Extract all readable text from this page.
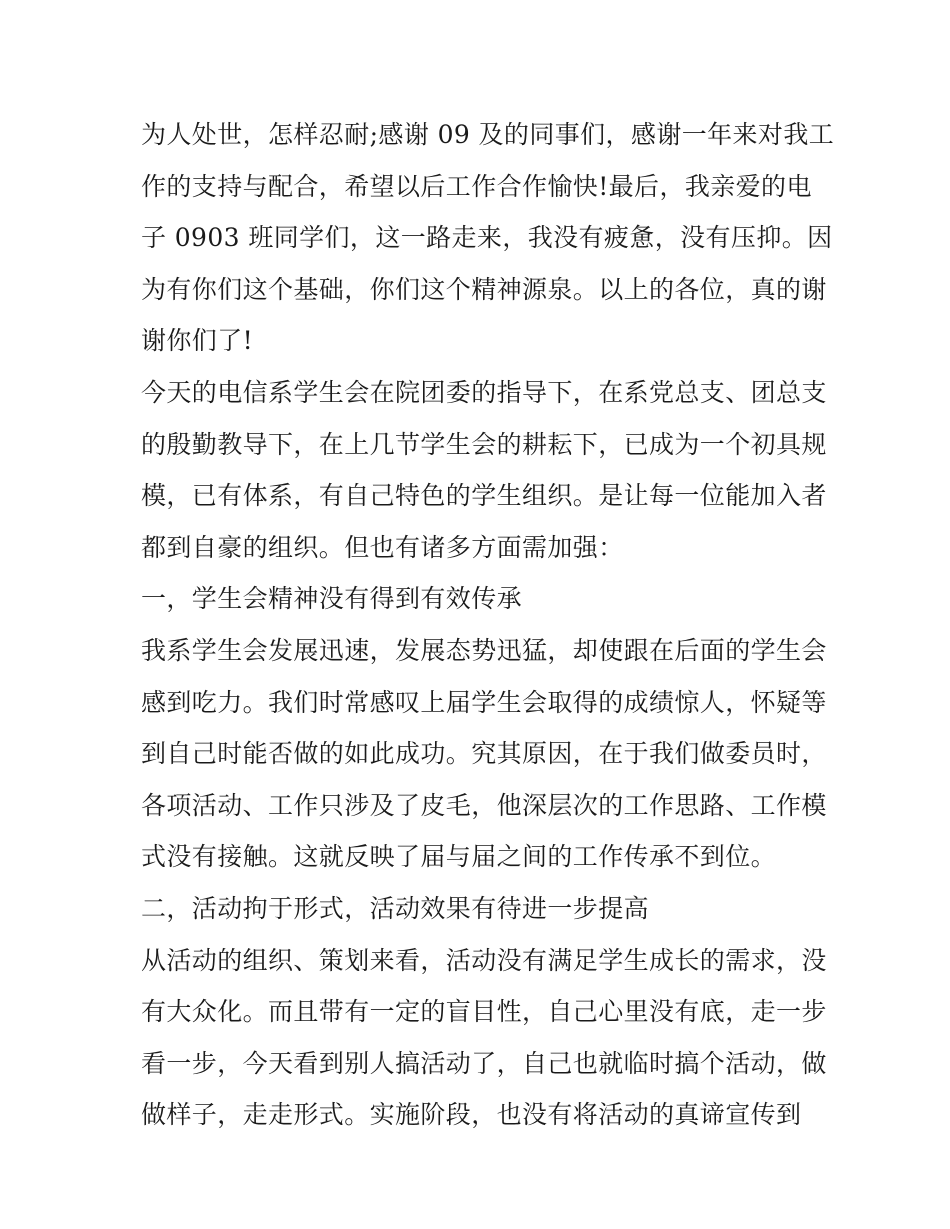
为人处世，怎样忍耐;感谢 09 及的同事们，感谢一年来对我工
作的支持与配合，希望以后工作合作愉快!最后，我亲爱的电
子 0903 班同学们，这一路走来，我没有疲惫，没有压抑。因
为有你们这个基础，你们这个精神源泉。以上的各位，真的谢
谢你们了!
今天的电信系学生会在院团委的指导下，在系党总支、团总支
的殷勤教导下，在上几节学生会的耕耘下，已成为一个初具规
模，已有体系，有自己特色的学生组织。是让每一位能加入者
都到自豪的组织。但也有诸多方面需加强：
一，学生会精神没有得到有效传承
我系学生会发展迅速，发展态势迅猛，却使跟在后面的学生会
感到吃力。我们时常感叹上届学生会取得的成绩惊人，怀疑等
到自己时能否做的如此成功。究其原因，在于我们做委员时，
各项活动、工作只涉及了皮毛，他深层次的工作思路、工作模
式没有接触。这就反映了届与届之间的工作传承不到位。
二，活动拘于形式，活动效果有待进一步提高
从活动的组织、策划来看，活动没有满足学生成长的需求，没
有大众化。而且带有一定的盲目性，自己心里没有底，走一步
看一步，今天看到别人搞活动了，自己也就临时搞个活动，做
做样子，走走形式。实施阶段，也没有将活动的真谛宣传到
